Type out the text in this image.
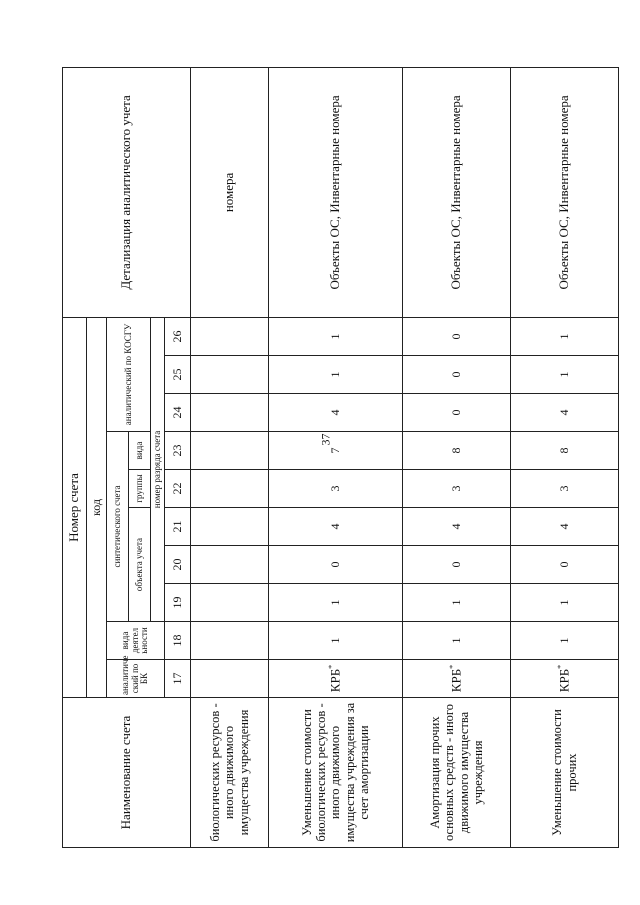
37
Наименование счета	Номер счета										Детализация аналитического учета
	код										
	аналитиче ский по БК	вида деятел ьности	синтетического счета					аналитический по КОСГУ			
			объекта учета			группы	вида				
			номер разряда счета								
	17	18	19	20	21	22	23	24	25	26	
биологических ресурсов - иного движимого имущества учреждения											номера
Уменьшение стоимости биологических ресурсов - иного движимого имущества учреждения за счет амортизации	КРБ*	1	1	0	4	3	7	4	1	1	Объекты ОС, Инвентарные номера
Амортизация прочих основных средств - иного движимого имущества учреждения	КРБ*	1	1	0	4	3	8	0	0	0	Объекты ОС, Инвентарные номера
Уменьшение стоимости прочих	КРБ*	1	1	0	4	3	8	4	1	1	Объекты ОС, Инвентарные номера
